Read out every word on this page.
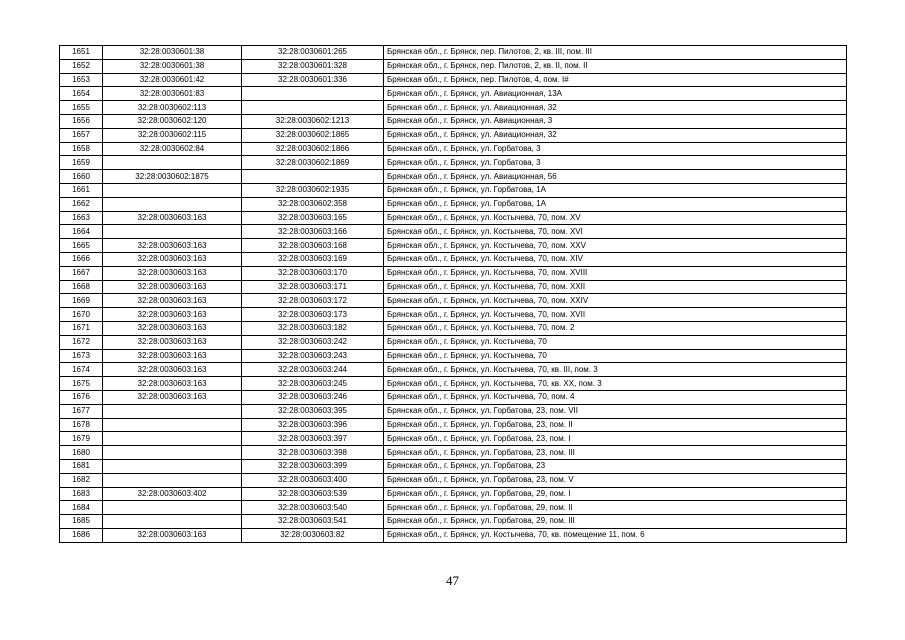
1651	32:28:0030601:38	32:28:0030601:265	Брянская обл., г. Брянск, пер. Пилотов, 2, кв. III, пом. III
1652	32:28:0030601:38	32:28:0030601:328	Брянская обл., г. Брянск, пер. Пилотов, 2, кв. II, пом. II
1653	32:28:0030601:42	32:28:0030601:336	Брянская обл., г. Брянск, пер. Пилотов, 4, пом. I#
1654	32:28:0030601:83		Брянская обл., г. Брянск, ул. Авиационная, 13А
1655	32:28:0030602:113		Брянская обл., г. Брянск, ул. Авиационная, 32
1656	32:28:0030602:120	32:28:0030602:1213	Брянская обл., г. Брянск, ул. Авиационная, 3
1657	32:28:0030602:115	32:28:0030602:1865	Брянская обл., г. Брянск, ул. Авиационная, 32
1658	32:28:0030602:84	32:28:0030602:1866	Брянская обл., г. Брянск, ул. Горбатова, 3
1659		32:28:0030602:1869	Брянская обл., г. Брянск, ул. Горбатова, 3
1660	32:28:0030602:1875		Брянская обл., г. Брянск, ул. Авиационная, 56
1661		32:28:0030602:1935	Брянская обл., г. Брянск, ул. Горбатова, 1А
1662		32:28:0030602:358	Брянская обл., г. Брянск, ул. Горбатова, 1А
1663	32:28:0030603:163	32:28:0030603:165	Брянская обл., г. Брянск, ул. Костычева, 70, пом. XV
1664		32:28:0030603:166	Брянская обл., г. Брянск, ул. Костычева, 70, пом. XVI
1665	32:28:0030603:163	32:28:0030603:168	Брянская обл., г. Брянск, ул. Костычева, 70, пом. XXV
1666	32:28:0030603:163	32:28:0030603:169	Брянская обл., г. Брянск, ул. Костычева, 70, пом. XIV
1667	32:28:0030603:163	32:28:0030603:170	Брянская обл., г. Брянск, ул. Костычева, 70, пом. XVIII
1668	32:28:0030603:163	32:28:0030603:171	Брянская обл., г. Брянск, ул. Костычева, 70, пом. XXII
1669	32:28:0030603:163	32:28:0030603:172	Брянская обл., г. Брянск, ул. Костычева, 70, пом. XXIV
1670	32:28:0030603:163	32:28:0030603:173	Брянская обл., г. Брянск, ул. Костычева, 70, пом. XVII
1671	32:28:0030603:163	32:28:0030603:182	Брянская обл., г. Брянск, ул. Костычева, 70, пом. 2
1672	32:28:0030603:163	32:28:0030603:242	Брянская обл., г. Брянск, ул. Костычева, 70
1673	32:28:0030603:163	32:28:0030603:243	Брянская обл., г. Брянск, ул. Костычева, 70
1674	32:28:0030603:163	32:28:0030603:244	Брянская обл., г. Брянск, ул. Костычева, 70, кв. III, пом. 3
1675	32:28:0030603:163	32:28:0030603:245	Брянская обл., г. Брянск, ул. Костычева, 70, кв. XX, пом. 3
1676	32:28:0030603:163	32:28:0030603:246	Брянская обл., г. Брянск, ул. Костычева, 70, пом. 4
1677		32:28:0030603:395	Брянская обл., г. Брянск, ул. Горбатова, 23, пом. VII
1678		32:28:0030603:396	Брянская обл., г. Брянск, ул. Горбатова, 23, пом. II
1679		32:28:0030603:397	Брянская обл., г. Брянск, ул. Горбатова, 23, пом. I
1680		32:28:0030603:398	Брянская обл., г. Брянск, ул. Горбатова, 23, пом. III
1681		32:28:0030603:399	Брянская обл., г. Брянск, ул. Горбатова, 23
1682		32:28:0030603:400	Брянская обл., г. Брянск, ул. Горбатова, 23, пом. V
1683	32:28:0030603:402	32:28:0030603:539	Брянская обл., г. Брянск, ул. Горбатова, 29, пом. I
1684		32:28:0030603:540	Брянская обл., г. Брянск, ул. Горбатова, 29, пом. II
1685		32:28:0030603:541	Брянская обл., г. Брянск, ул. Горбатова, 29, пом. III
1686	32:28:0030603:163	32:28:0030603:82	Брянская обл., г. Брянск, ул. Костычева, 70, кв. помещение 11, пом. 6
47
